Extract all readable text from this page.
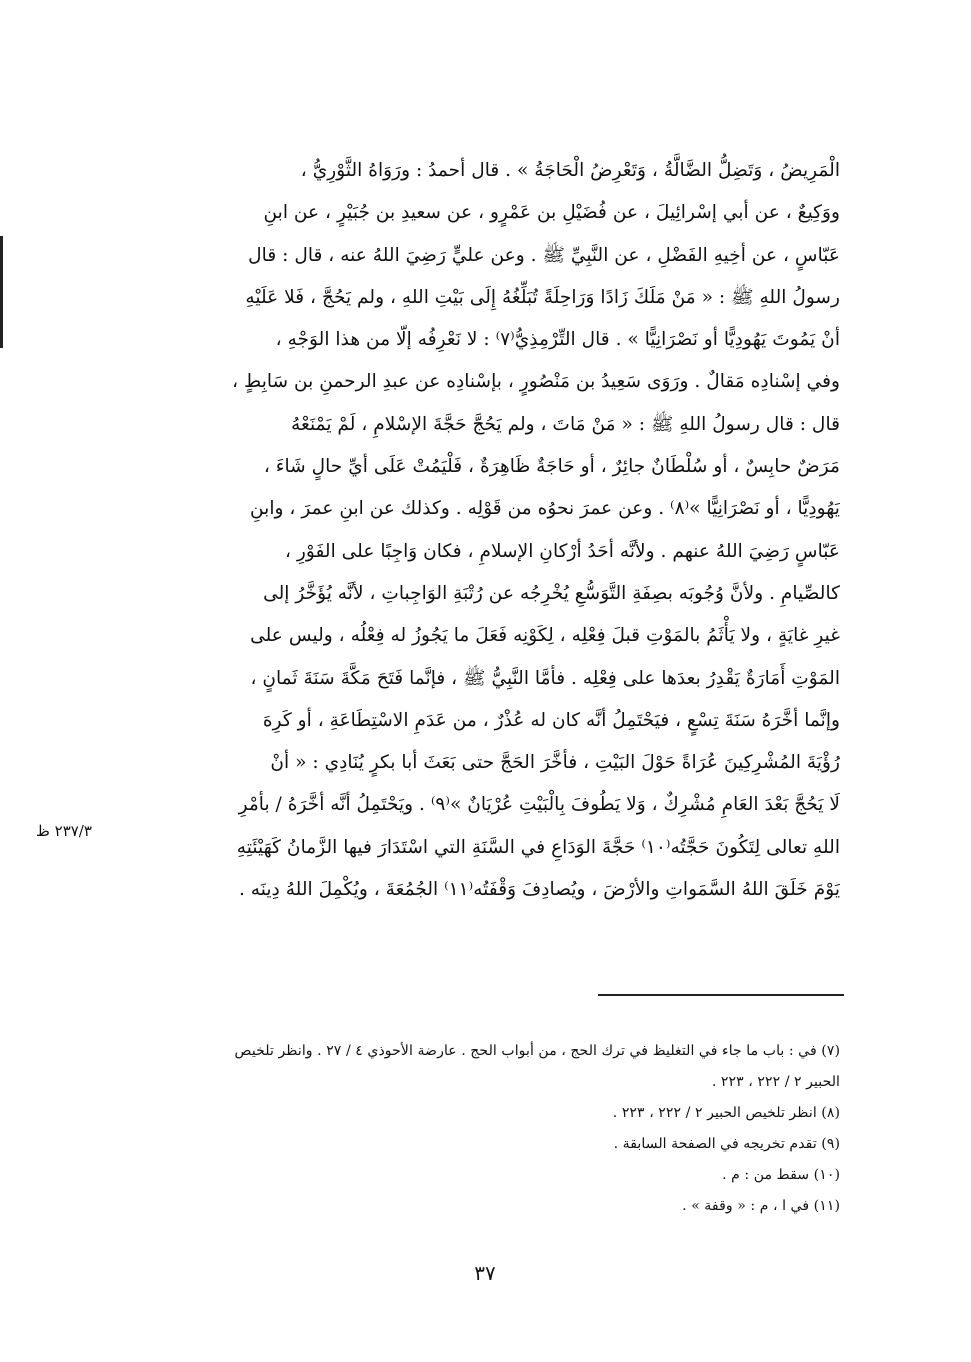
الْمَرِيضُ ، وَتَضِلُّ الضَّالَّةُ ، وَتَعْرِضُ الْحَاجَةُ » . قال أحمدُ : ورَوَاهُ الثَّوْرِيُّ ،
ووَكِيعٌ ، عن أبي إسْرائِيلَ ، عن فُضَيْلِ بن عَمْرٍو ، عن سعيدِ بن جُبَيْرٍ ، عن ابنِ
عَبّاسٍ ، عن أخِيهِ الفَضْلِ ، عن النَّبِيِّ ﷺ . وعن عليٍّ رَضِيَ اللهُ عنه ، قال : قال
رسولُ اللهِ ﷺ : « مَنْ مَلَكَ زَادًا وَرَاحِلَةً تُبَلِّغُهُ إِلَى بَيْتِ اللهِ ، ولم يَحُجَّ ، فَلا عَلَيْهِ
أنْ يَمُوتَ يَهُودِيًّا أو نَصْرَانِيًّا » . قال التِّرْمِذِيُّ⁽٧⁾ : لا نَعْرِفُه إلّا من هذا الوَجْهِ ،
وفي إسْنادِه مَقالٌ . ورَوَى سَعِيدُ بن مَنْصُورٍ ، بإسْنادِه عن عبدِ الرحمنِ بن سَابِطٍ ،
قال : قال رسولُ اللهِ ﷺ : « مَنْ مَاتَ ، ولم يَحُجَّ حَجَّةَ الإسْلامِ ، لَمْ يَمْنَعْهُ
مَرَضٌ حابِسٌ ، أو سُلْطَانٌ جائِرٌ ، أو حَاجَةٌ ظَاهِرَةٌ ، فَلْيَمُتْ عَلَى أيِّ حالٍ شَاءَ ،
يَهُودِيًّا ، أو نَصْرَانِيًّا »⁽٨⁾ . وعن عمرَ نحوُه من قَوْلِه . وكذلك عن ابنِ عمرَ ، وابنِ
عَبّاسٍ رَضِيَ اللهُ عنهم . ولأنَّه أحَدُ أرْكانِ الإسلامِ ، فكان وَاجِبًا على الفَوْرِ ،
كالصِّيامِ . ولأنَّ وُجُوبَه بصِفَةِ التَّوَسُّعِ يُخْرِجُه عن رُتْبَةِ الوَاجِباتِ ، لأنَّه يُؤَخَّرُ إلى
غيرِ غايَةٍ ، ولا يَأْثَمُ بالمَوْتِ قبلَ فِعْلِه ، لِكَوْنِه فَعَلَ ما يَجُوزُ له فِعْلُه ، وليس على
المَوْتِ أَمَارَةٌ يَقْدِرُ بعدَها على فِعْلِه . فأمَّا النَّبِيُّ ﷺ ، فإنَّما فَتَحَ مَكَّةَ سَنَةَ ثَمانٍ ،
وإنَّما أخَّرَهُ سَنَةَ تِسْعٍ ، فيَحْتَمِلُ أنَّه كان له عُذْرٌ ، من عَدَمِ الاسْتِطَاعَةِ ، أو كَرِهَ
رُؤْيَةَ المُشْرِكِينَ عُرَاةً حَوْلَ البَيْتِ ، فأخَّرَ الحَجَّ حتى بَعَثَ أبا بكرٍ يُنَادِي : « أنْ
لَا يَحُجَّ بَعْدَ العَامِ مُشْرِكٌ ، وَلا يَطُوفَ بِالْبَيْتِ عُرْيَانٌ »⁽٩⁾ . ويَحْتَمِلُ أنَّه أخَّرَهُ / بأمْرِ
اللهِ تعالى لِتَكُونَ حَجَّتُه⁽١٠⁾ حَجَّةَ الوَدَاعِ في السَّنَةِ التي اسْتَدَارَ فيها الزَّمانُ كَهَيْئَتِهِ
يَوْمَ خَلَقَ اللهُ السَّمَواتِ والأرْضَ ، ويُصادِفَ وَقْفَتُه⁽١١⁾ الجُمُعَةَ ، ويُكْمِلَ اللهُ دِينَه .
٢٣٧/٣ ظ
(٧) في : باب ما جاء في التغليظ في ترك الحج ، من أبواب الحج . عارضة الأحوذي ٤ / ٢٧ . وانظر تلخيص
الحبير ٢ / ٢٢٢ ، ٢٢٣ .
(٨) انظر تلخيص الحبير ٢ / ٢٢٢ ، ٢٢٣ .
(٩) تقدم تخريجه في الصفحة السابقة .
(١٠) سقط من : م .
(١١) في ا ، م : « وقفة » .
٣٧
